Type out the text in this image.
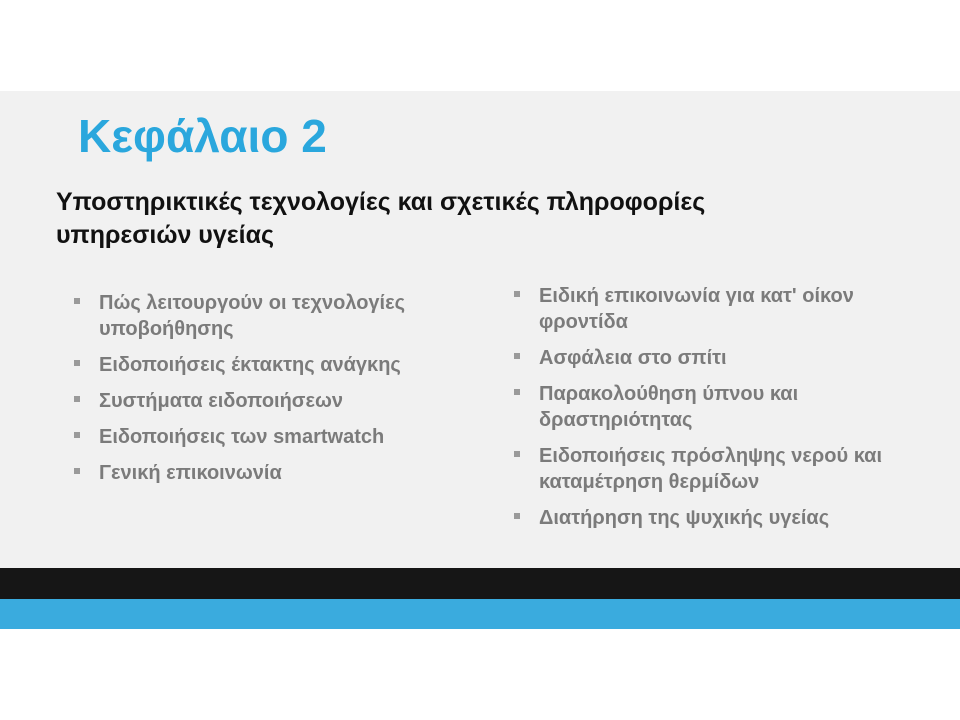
Κεφάλαιο 2
Υποστηρικτικές τεχνολογίες και σχετικές πληροφορίες υπηρεσιών υγείας
Πώς λειτουργούν οι τεχνολογίες υποβοήθησης
Ειδοποιήσεις έκτακτης ανάγκης
Συστήματα ειδοποιήσεων
Ειδοποιήσεις των smartwatch
Γενική επικοινωνία
Ειδική επικοινωνία για κατ' οίκον φροντίδα
Ασφάλεια στο σπίτι
Παρακολούθηση ύπνου και δραστηριότητας
Ειδοποιήσεις πρόσληψης νερού και καταμέτρηση θερμίδων
Διατήρηση της ψυχικής υγείας
